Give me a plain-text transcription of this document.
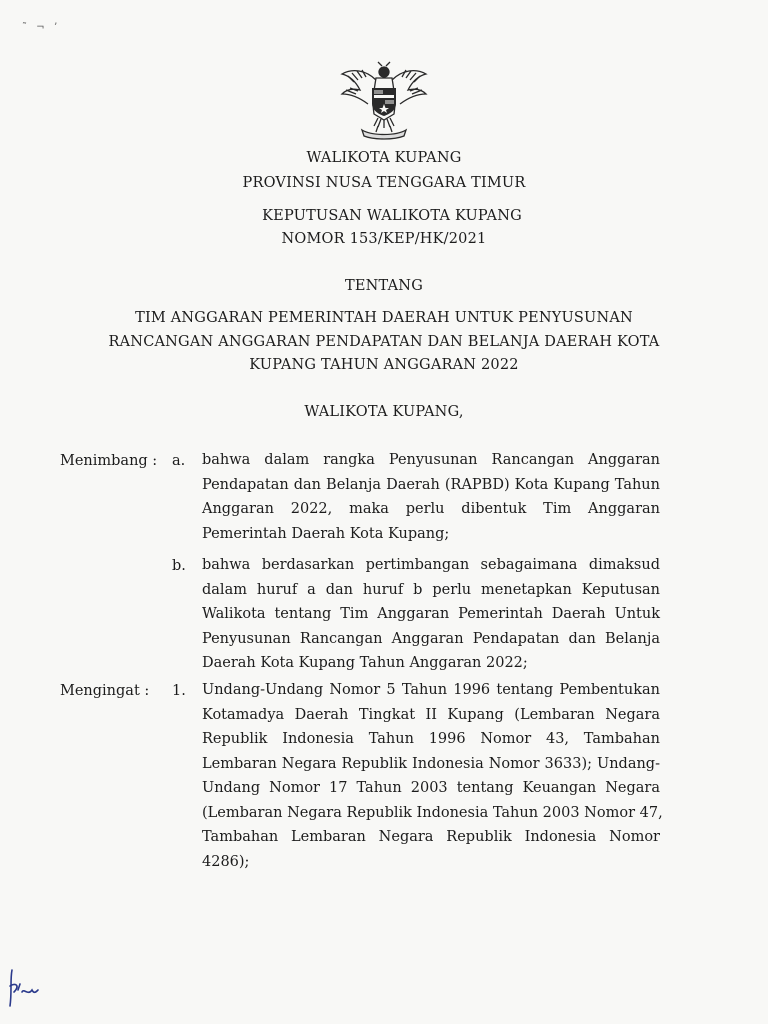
˜ ¬ ʼ
WALIKOTA KUPANG
PROVINSI NUSA TENGGARA TIMUR
KEPUTUSAN WALIKOTA KUPANG
NOMOR 153/KEP/HK/2021
TENTANG
TIM ANGGARAN PEMERINTAH DAERAH UNTUK PENYUSUNAN
RANCANGAN ANGGARAN PENDAPATAN DAN BELANJA DAERAH KOTA
KUPANG TAHUN ANGGARAN 2022
WALIKOTA KUPANG,
Menimbang : a. bahwa dalam rangka Penyusunan Rancangan Anggaran
Pendapatan dan Belanja Daerah (RAPBD) Kota Kupang Tahun
Anggaran 2022, maka perlu dibentuk Tim Anggaran
Pemerintah Daerah Kota Kupang;
b. bahwa berdasarkan pertimbangan sebagaimana dimaksud
dalam huruf a dan huruf b perlu menetapkan Keputusan
Walikota tentang Tim Anggaran Pemerintah Daerah Untuk
Penyusunan Rancangan Anggaran Pendapatan dan Belanja
Daerah Kota Kupang Tahun Anggaran 2022;
Mengingat : 1. Undang-Undang Nomor 5 Tahun 1996 tentang Pembentukan
Kotamadya Daerah Tingkat II Kupang (Lembaran Negara
Republik Indonesia Tahun 1996 Nomor 43, Tambahan
Lembaran Negara Republik Indonesia Nomor 3633); Undang-
Undang Nomor 17 Tahun 2003 tentang Keuangan Negara
(Lembaran Negara Republik Indonesia Tahun 2003 Nomor 47,
Tambahan Lembaran Negara Republik Indonesia Nomor
4286);
